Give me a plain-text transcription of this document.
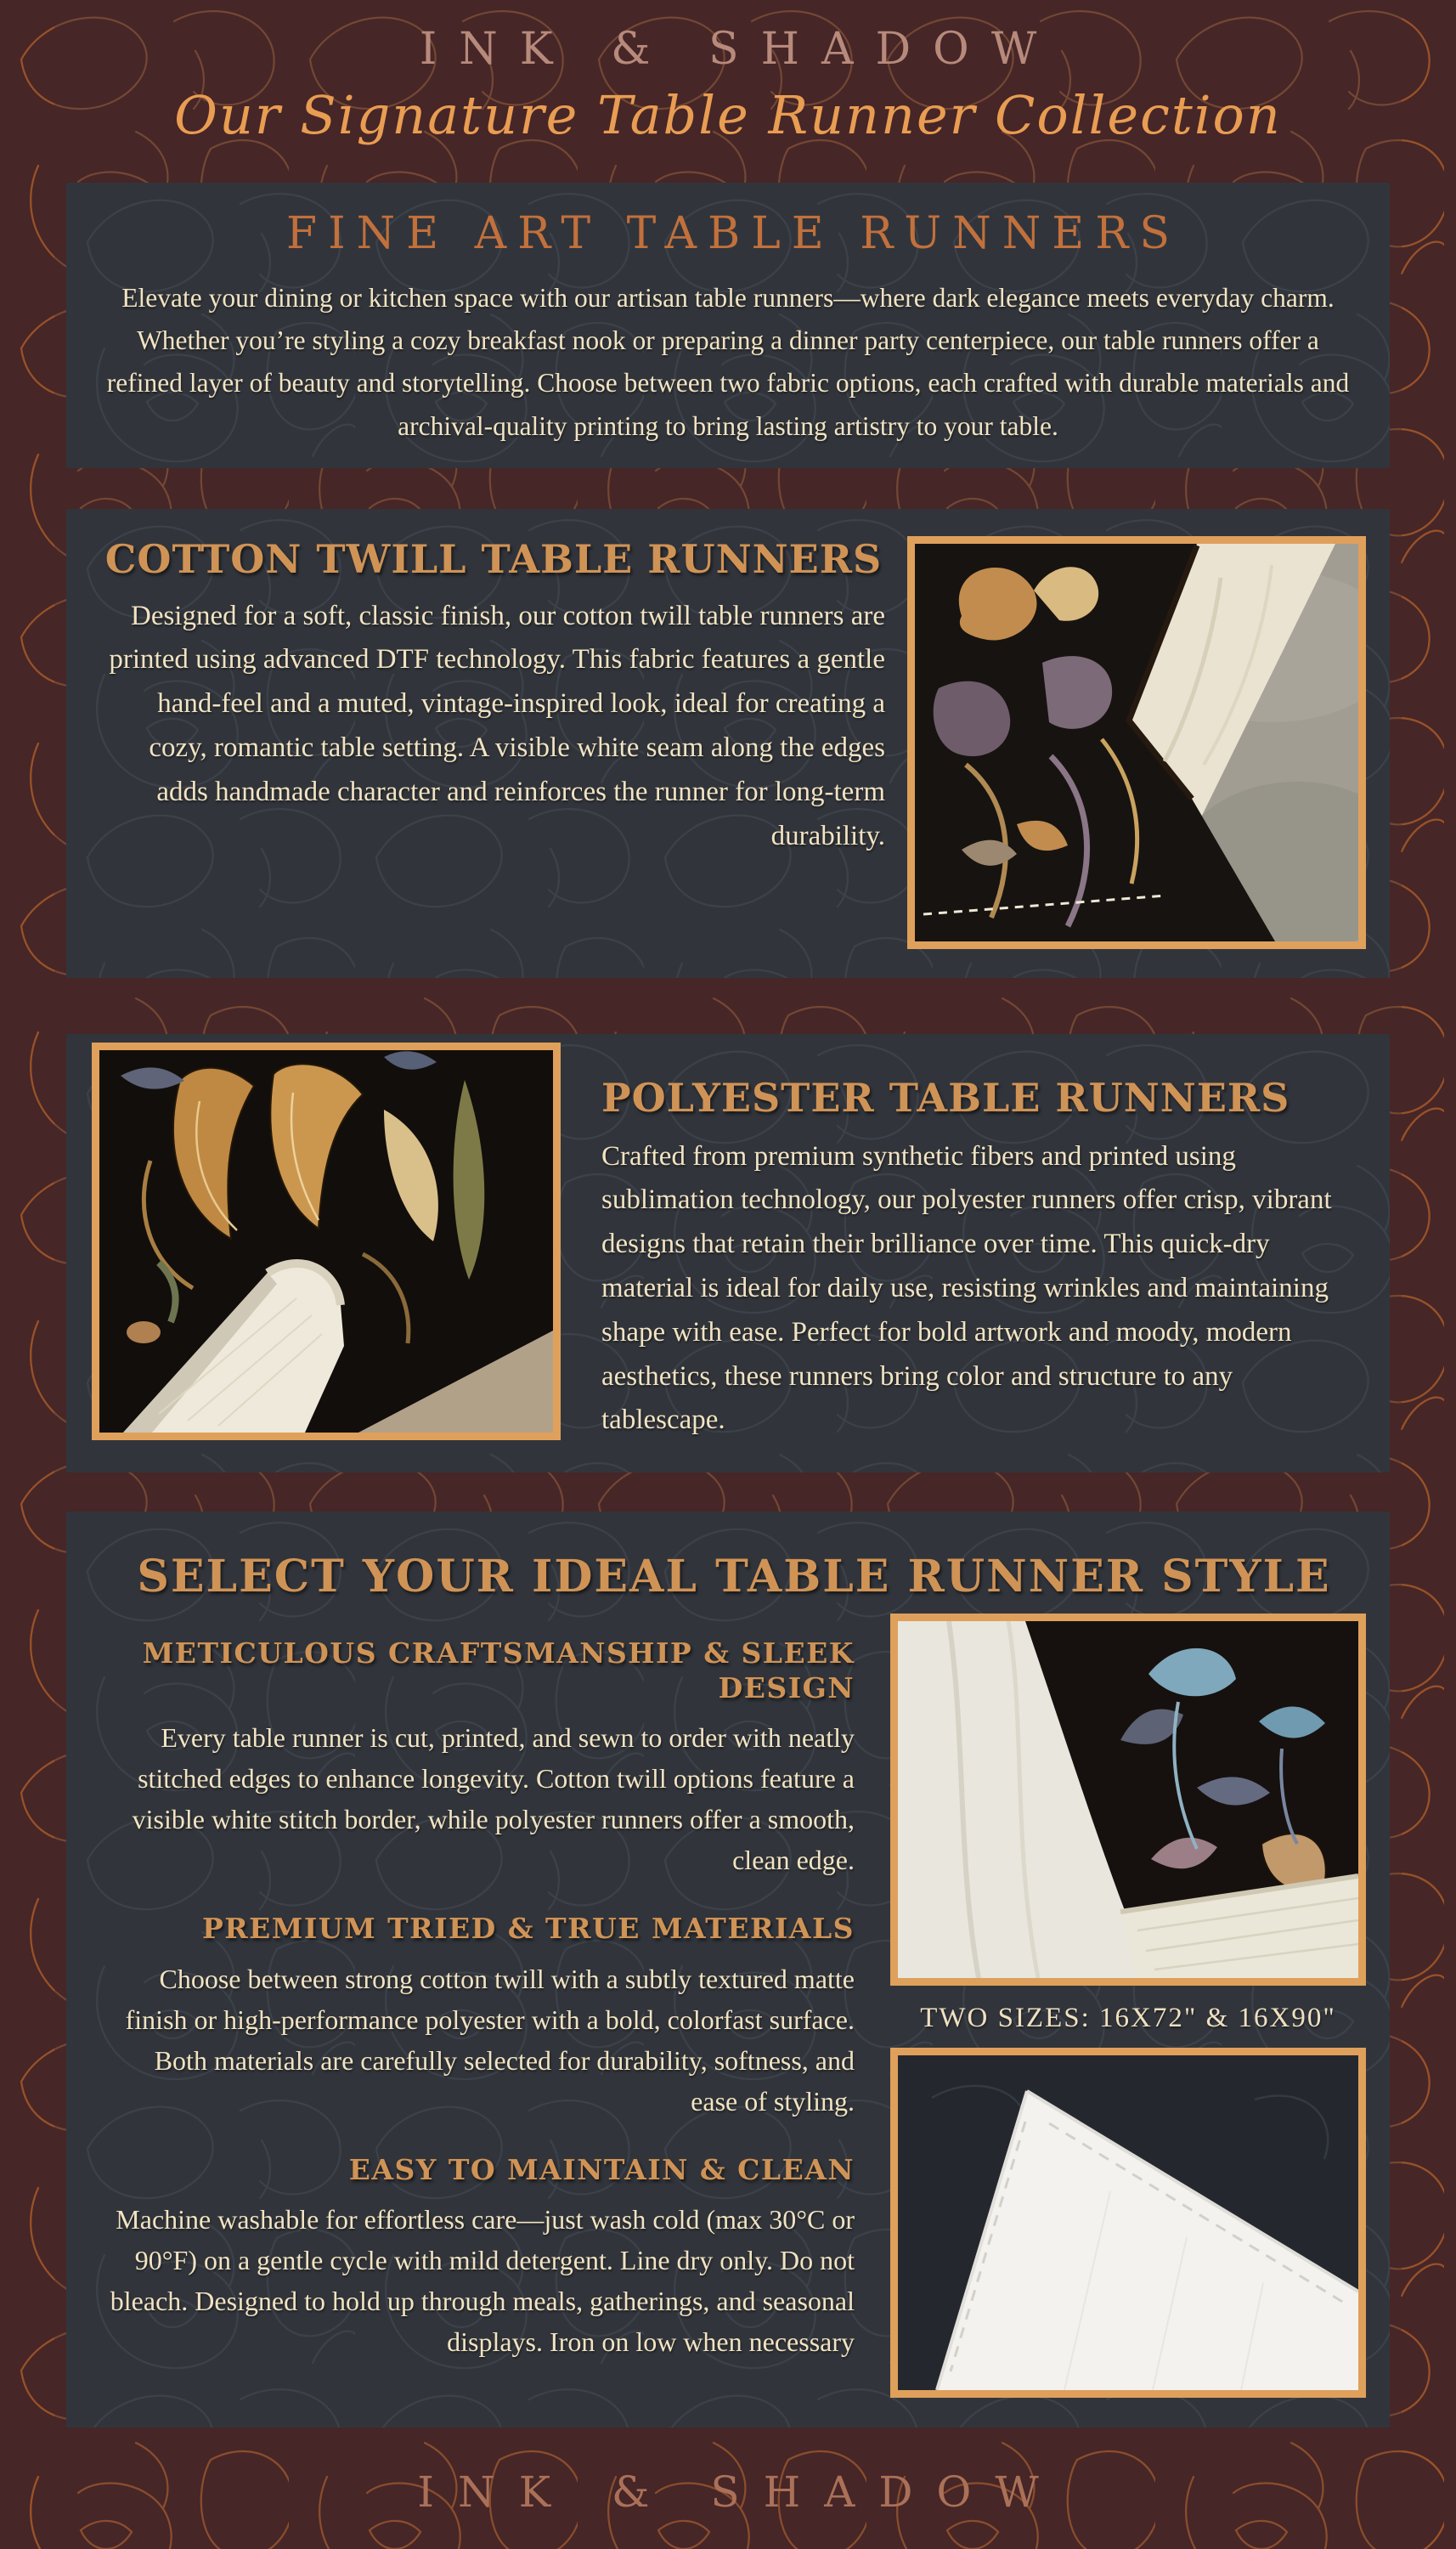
INK & SHADOW
Our Signature Table Runner Collection
FINE ART TABLE RUNNERS

Elevate your dining or kitchen space with our artisan table runners—where dark elegance meets everyday charm. Whether you’re styling a cozy breakfast nook or preparing a dinner party centerpiece, our table runners offer a refined layer of beauty and storytelling. Choose between two fabric options, each crafted with durable materials and archival-quality printing to bring lasting artistry to your table.

COTTON TWILL TABLE RUNNERS

Designed for a soft, classic finish, our cotton twill table runners are printed using advanced DTF technology. This fabric features a gentle hand-feel and a muted, vintage-inspired look, ideal for creating a cozy, romantic table setting. A visible white seam along the edges adds handmade character and reinforces the runner for long-term durability.

POLYESTER TABLE RUNNERS

Crafted from premium synthetic fibers and printed using sublimation technology, our polyester runners offer crisp, vibrant designs that retain their brilliance over time. This quick-dry material is ideal for daily use, resisting wrinkles and maintaining shape with ease. Perfect for bold artwork and moody, modern aesthetics, these runners bring color and structure to any tablescape.

SELECT YOUR IDEAL TABLE RUNNER STYLE
METICULOUS CRAFTSMANSHIP & SLEEK DESIGN

Every table runner is cut, printed, and sewn to order with neatly stitched edges to enhance longevity. Cotton twill options feature a visible white stitch border, while polyester runners offer a smooth, clean edge.

PREMIUM TRIED & TRUE MATERIALS

Choose between strong cotton twill with a subtly textured matte finish or high-performance polyester with a bold, colorfast surface. Both materials are carefully selected for durability, softness, and ease of styling.

EASY TO MAINTAIN & CLEAN

Machine washable for effortless care—just wash cold (max 30°C or 90°F) on a gentle cycle with mild detergent. Line dry only. Do not bleach. Designed to hold up through meals, gatherings, and seasonal displays. Iron on low when necessary

TWO SIZES: 16X72" & 16X90"
INK & SHADOW
